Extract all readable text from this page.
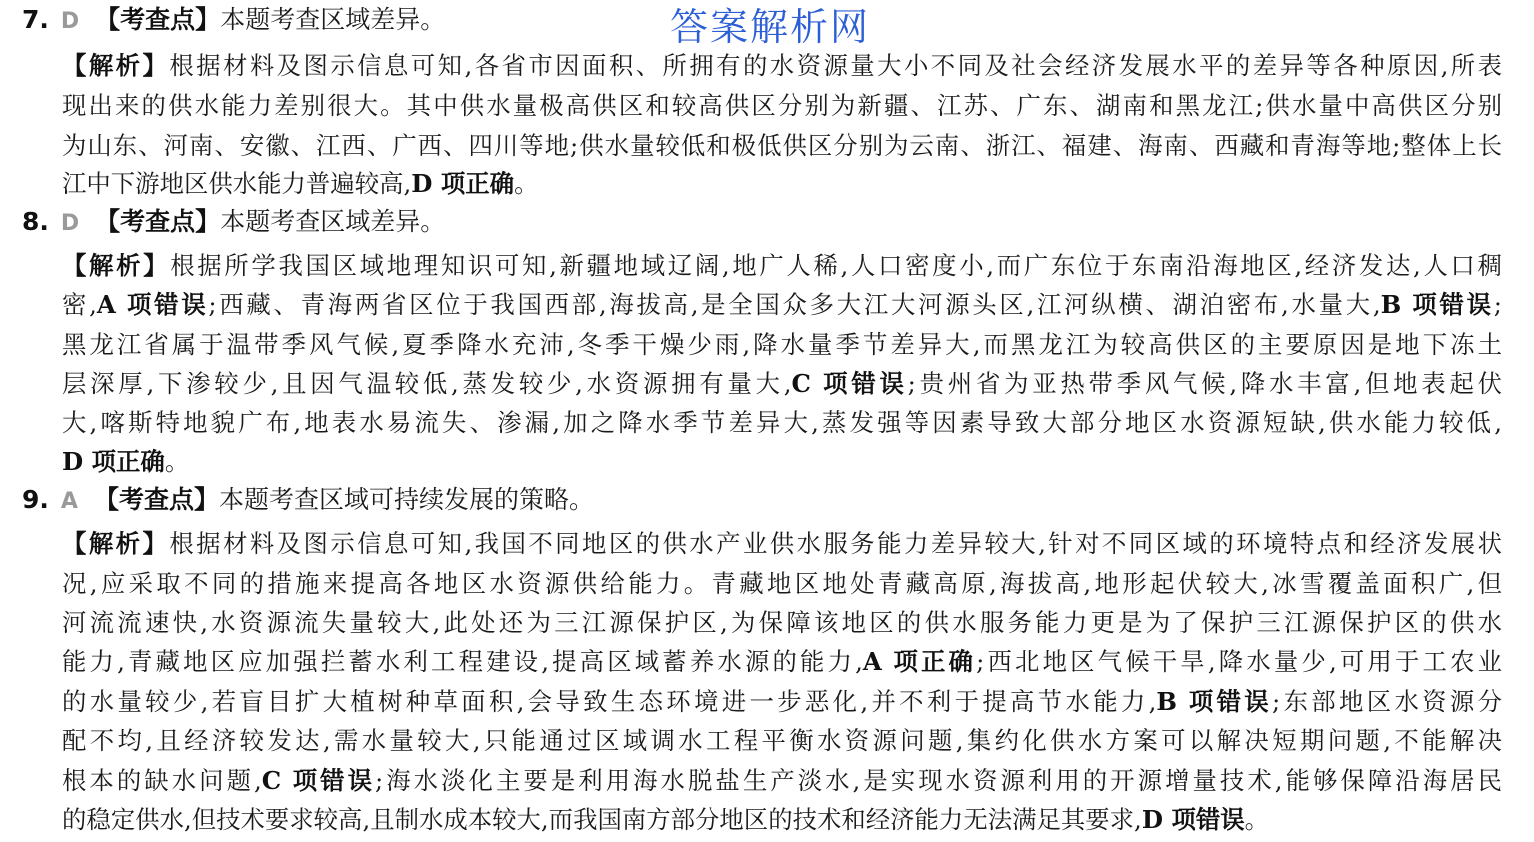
答案解析网
7. D 【考查点】本题考查区域差异。
【解析】根据材料及图示信息可知,各省市因面积、所拥有的水资源量大小不同及社会经济发展水平的差异等各种原因,所表
现出来的供水能力差别很大。其中供水量极高供区和较高供区分别为新疆、江苏、广东、湖南和黑龙江;供水量中高供区分别
为山东、河南、安徽、江西、广西、四川等地;供水量较低和极低供区分别为云南、浙江、福建、海南、西藏和青海等地;整体上长
江中下游地区供水能力普遍较高,D 项正确。
8. D 【考查点】本题考查区域差异。
【解析】根据所学我国区域地理知识可知,新疆地域辽阔,地广人稀,人口密度小,而广东位于东南沿海地区,经济发达,人口稠
密,A 项错误;西藏、青海两省区位于我国西部,海拔高,是全国众多大江大河源头区,江河纵横、湖泊密布,水量大,B 项错误;
黑龙江省属于温带季风气候,夏季降水充沛,冬季干燥少雨,降水量季节差异大,而黑龙江为较高供区的主要原因是地下冻土
层深厚,下渗较少,且因气温较低,蒸发较少,水资源拥有量大,C 项错误;贵州省为亚热带季风气候,降水丰富,但地表起伏
大,喀斯特地貌广布,地表水易流失、渗漏,加之降水季节差异大,蒸发强等因素导致大部分地区水资源短缺,供水能力较低,
D 项正确。
9. A 【考查点】本题考查区域可持续发展的策略。
【解析】根据材料及图示信息可知,我国不同地区的供水产业供水服务能力差异较大,针对不同区域的环境特点和经济发展状
况,应采取不同的措施来提高各地区水资源供给能力。青藏地区地处青藏高原,海拔高,地形起伏较大,冰雪覆盖面积广,但
河流流速快,水资源流失量较大,此处还为三江源保护区,为保障该地区的供水服务能力更是为了保护三江源保护区的供水
能力,青藏地区应加强拦蓄水利工程建设,提高区域蓄养水源的能力,A 项正确;西北地区气候干旱,降水量少,可用于工农业
的水量较少,若盲目扩大植树种草面积,会导致生态环境进一步恶化,并不利于提高节水能力,B 项错误;东部地区水资源分
配不均,且经济较发达,需水量较大,只能通过区域调水工程平衡水资源问题,集约化供水方案可以解决短期问题,不能解决
根本的缺水问题,C 项错误;海水淡化主要是利用海水脱盐生产淡水,是实现水资源利用的开源增量技术,能够保障沿海居民
的稳定供水,但技术要求较高,且制水成本较大,而我国南方部分地区的技术和经济能力无法满足其要求,D 项错误。
